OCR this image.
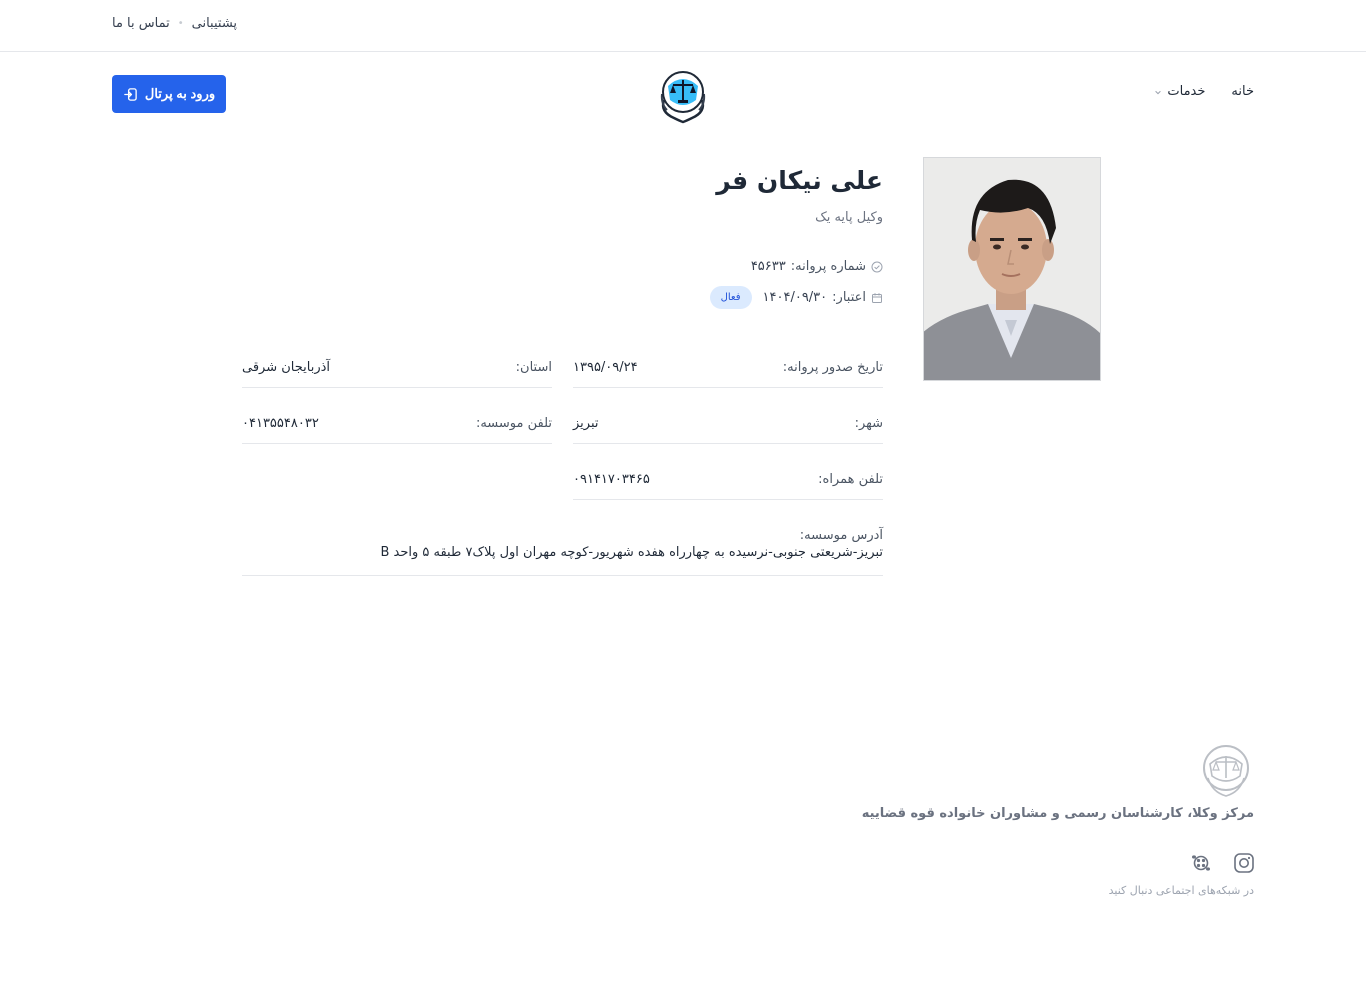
پشتیبانی
•
تماس با ما
ورود به پرتال	خانه
خدمات
علی نیکان فر
وکیل پایه یک
شماره پروانه:
۴۵۶۳۳
اعتبار:
۱۴۰۴/۰۹/۳۰
فعال
تاریخ صدور پروانه:
۱۳۹۵/۰۹/۲۴
استان:
آذربایجان شرقی
شهر:
تبریز
تلفن موسسه:
۰۴۱۳۵۵۴۸۰۳۲
تلفن همراه:
۰۹۱۴۱۷۰۳۴۶۵
آدرس موسسه:
تبریز-شریعتی جنوبی-نرسیده به چهارراه هفده شهریور-کوچه مهران اول پلاک۷ طبقه ۵ واحد B
مرکز وکلا، کارشناسان رسمی و مشاوران خانواده قوه قضاییه
در شبکه‌های اجتماعی دنبال کنید
